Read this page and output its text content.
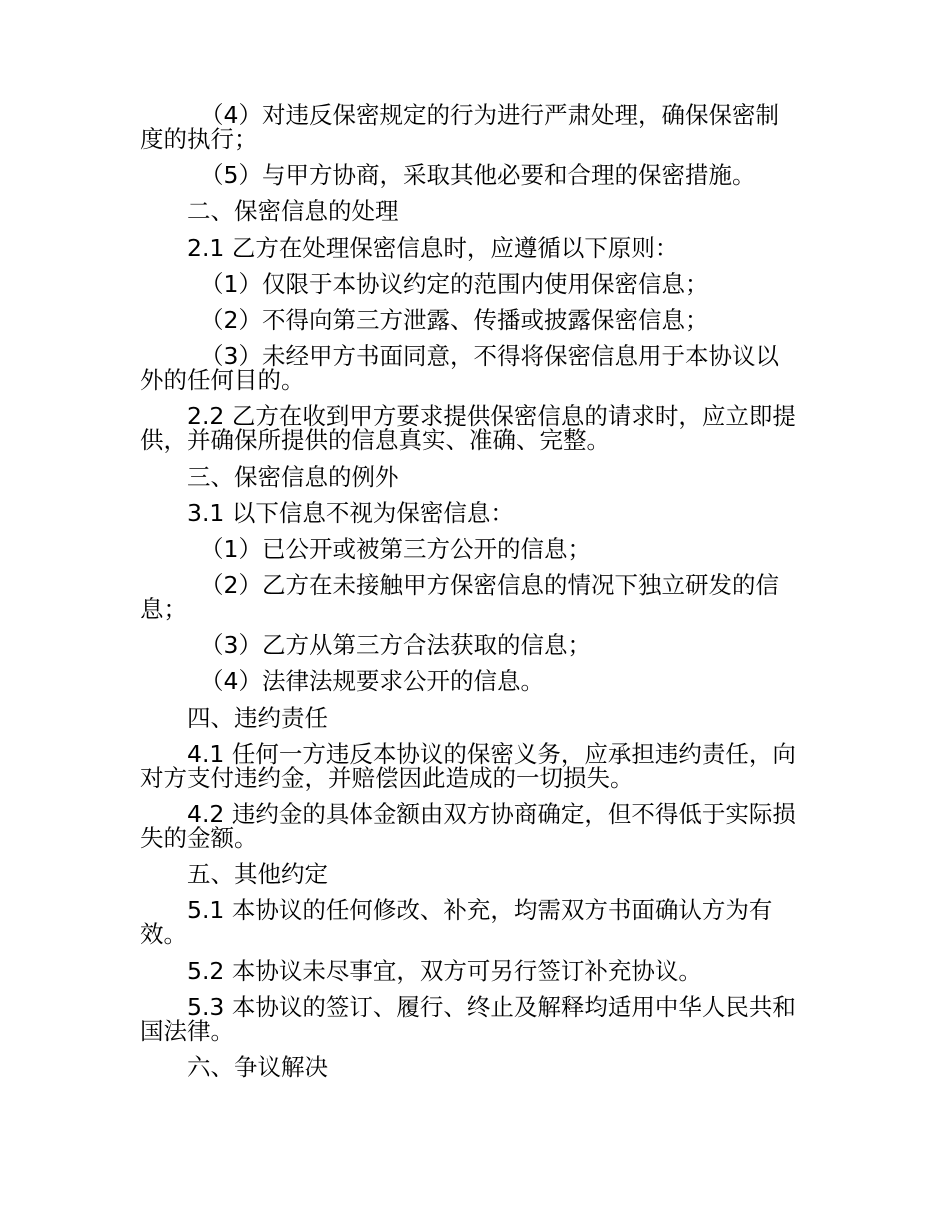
（4）对违反保密规定的行为进行严肃处理，确保保密制度的执行；

（5）与甲方协商，采取其他必要和合理的保密措施。

二、保密信息的处理

2.1 乙方在处理保密信息时，应遵循以下原则：

（1）仅限于本协议约定的范围内使用保密信息；

（2）不得向第三方泄露、传播或披露保密信息；

（3）未经甲方书面同意，不得将保密信息用于本协议以外的任何目的。

2.2 乙方在收到甲方要求提供保密信息的请求时，应立即提供，并确保所提供的信息真实、准确、完整。

三、保密信息的例外

3.1 以下信息不视为保密信息：

（1）已公开或被第三方公开的信息；

（2）乙方在未接触甲方保密信息的情况下独立研发的信息；

（3）乙方从第三方合法获取的信息；

（4）法律法规要求公开的信息。

四、违约责任

4.1 任何一方违反本协议的保密义务，应承担违约责任，向对方支付违约金，并赔偿因此造成的一切损失。

4.2 违约金的具体金额由双方协商确定，但不得低于实际损失的金额。

五、其他约定

5.1 本协议的任何修改、补充，均需双方书面确认方为有效。

5.2 本协议未尽事宜，双方可另行签订补充协议。

5.3 本协议的签订、履行、终止及解释均适用中华人民共和国法律。

六、争议解决
